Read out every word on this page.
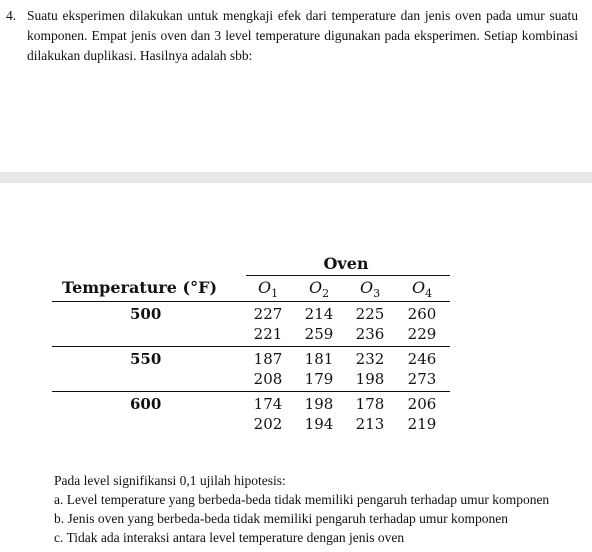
4. Suatu eksperimen dilakukan untuk mengkaji efek dari temperature dan jenis oven pada umur suatu komponen. Empat jenis oven dan 3 level temperature digunakan pada eksperimen. Setiap kombinasi dilakukan duplikasi. Hasilnya adalah sbb:
Oven
Temperature (°F)	$O_1$	$O_2$	$O_3$	$O_4$
500	227 214 225 260
221 259 236 229
550	187 181 232 246
208 179 198 273
600	174 198 178 206
202 194 213 219
Pada level signifikansi 0,1 ujilah hipotesis:
a. Level temperature yang berbeda-beda tidak memiliki pengaruh terhadap umur komponen
b. Jenis oven yang berbeda-beda tidak memiliki pengaruh terhadap umur komponen
c. Tidak ada interaksi antara level temperature dengan jenis oven
